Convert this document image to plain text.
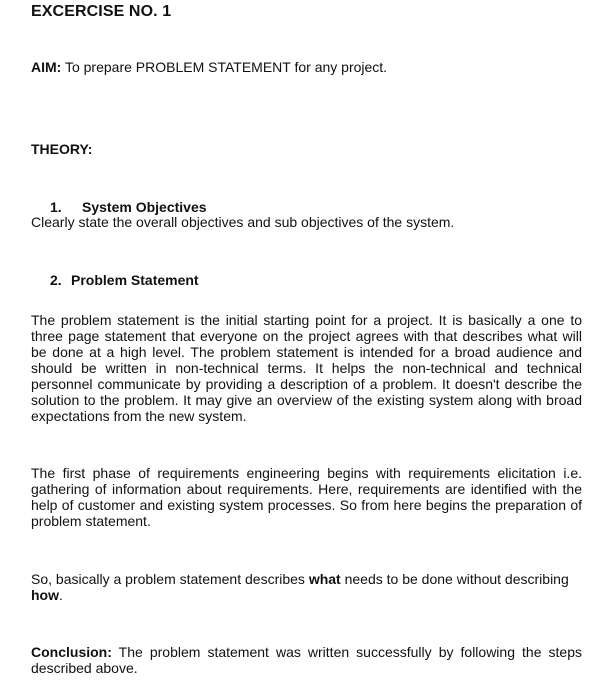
EXCERCISE NO. 1
AIM: To prepare PROBLEM STATEMENT for any project.
THEORY:
1. System Objectives
Clearly state the overall objectives and sub objectives of the system.
2. Problem Statement
The problem statement is the initial starting point for a project. It is basically a one to three page statement that everyone on the project agrees with that describes what will be done at a high level. The problem statement is intended for a broad audience and should be written in non-technical terms. It helps the non-technical and technical personnel communicate by providing a description of a problem. It doesn't describe the solution to the problem. It may give an overview of the existing system along with broad expectations from the new system.
The first phase of requirements engineering begins with requirements elicitation i.e. gathering of information about requirements. Here, requirements are identified with the help of customer and existing system processes. So from here begins the preparation of problem statement.
So, basically a problem statement describes what needs to be done without describing
how.
Conclusion: The problem statement was written successfully by following the steps described above.
